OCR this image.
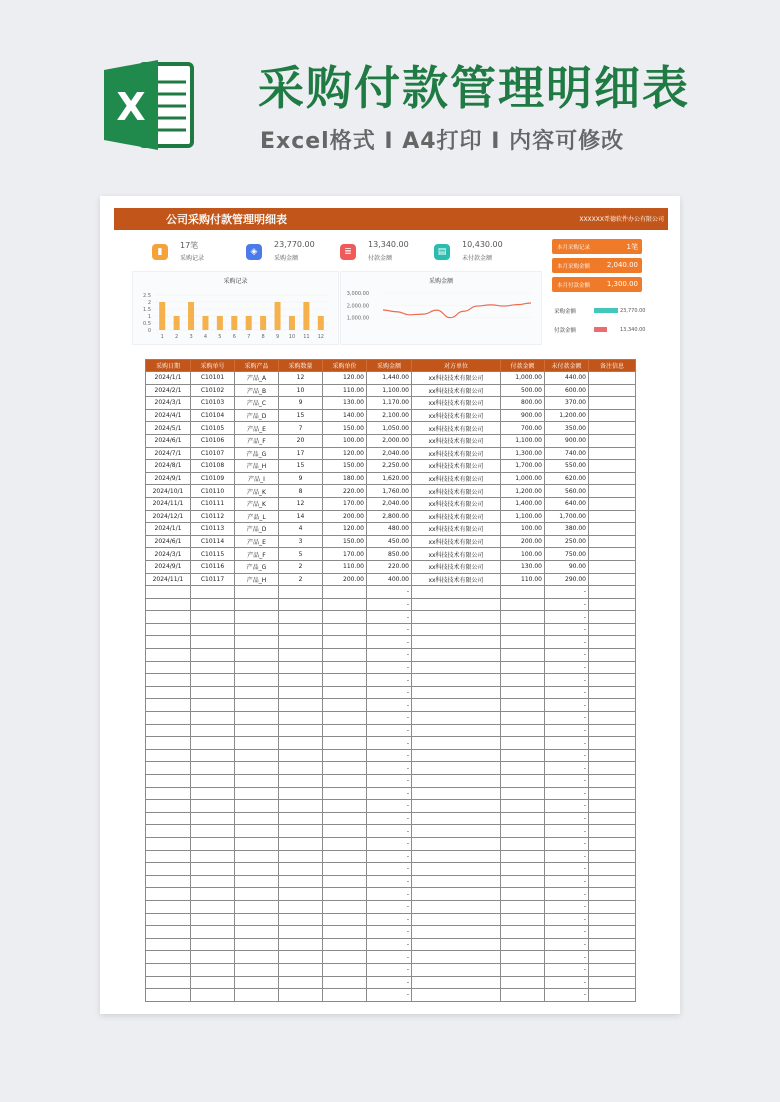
X 采购付款管理明细表
Excel格式 I A4打印 I 内容可修改
公司采购付款管理明细表	XXXXXX䄵德软件办公有限公司
▮
17笔
采购记录
◈
23,770.00
采购金额
≣
13,340.00
付款金额
▤
10,430.00
未付款金额
本月采购记录	1笔
本月采购金额 2,040.00
本月付款金额 1,300.00
采购金额	23,770.00
付款金额	13,340.00
采购记录
0
0.5
1
1.5
2
2.5
1 2 3 4 5 6 7 8 9 10 11 12
采购金额
1,000.00
2,000.00
3,000.00
采购日期	采购单号	采购产品	采购数量	采购单价	采购金额	对方单位	付款金额	未付款金额	备注信息
2024/1/1	C10101	产品_A	12	120.00	1,440.00	xx科技技术有限公司	1,000.00	440.00	
2024/2/1	C10102	产品_B	10	110.00	1,100.00	xx科技技术有限公司	500.00	600.00	
2024/3/1	C10103	产品_C	9	130.00	1,170.00	xx科技技术有限公司	800.00	370.00	
2024/4/1	C10104	产品_D	15	140.00	2,100.00	xx科技技术有限公司	900.00	1,200.00	
2024/5/1	C10105	产品_E	7	150.00	1,050.00	xx科技技术有限公司	700.00	350.00	
2024/6/1	C10106	产品_F	20	100.00	2,000.00	xx科技技术有限公司	1,100.00	900.00	
2024/7/1	C10107	产品_G	17	120.00	2,040.00	xx科技技术有限公司	1,300.00	740.00	
2024/8/1	C10108	产品_H	15	150.00	2,250.00	xx科技技术有限公司	1,700.00	550.00	
2024/9/1	C10109	产品_I	9	180.00	1,620.00	xx科技技术有限公司	1,000.00	620.00	
2024/10/1	C10110	产品_K	8	220.00	1,760.00	xx科技技术有限公司	1,200.00	560.00	
2024/11/1	C10111	产品_K	12	170.00	2,040.00	xx科技技术有限公司	1,400.00	640.00	
2024/12/1	C10112	产品_L	14	200.00	2,800.00	xx科技技术有限公司	1,100.00	1,700.00	
2024/1/1	C10113	产品_D	4	120.00	480.00	xx科技技术有限公司	100.00	380.00	
2024/6/1	C10114	产品_E	3	150.00	450.00	xx科技技术有限公司	200.00	250.00	
2024/3/1	C10115	产品_F	5	170.00	850.00	xx科技技术有限公司	100.00	750.00	
2024/9/1	C10116	产品_G	2	110.00	220.00	xx科技技术有限公司	130.00	90.00	
2024/11/1	C10117	产品_H	2	200.00	400.00	xx科技技术有限公司	110.00	290.00	
					-			-	
					-			-	
					-			-	
					-			-	
					-			-	
					-			-	
					-			-	
					-			-	
					-			-	
					-			-	
					-			-	
					-			-	
					-			-	
					-			-	
					-			-	
					-			-	
					-			-	
					-			-	
					-			-	
					-			-	
					-			-	
					-			-	
					-			-	
					-			-	
					-			-	
					-			-	
					-			-	
					-			-	
					-			-	
					-			-	
					-			-	
					-			-	
					-			-	
